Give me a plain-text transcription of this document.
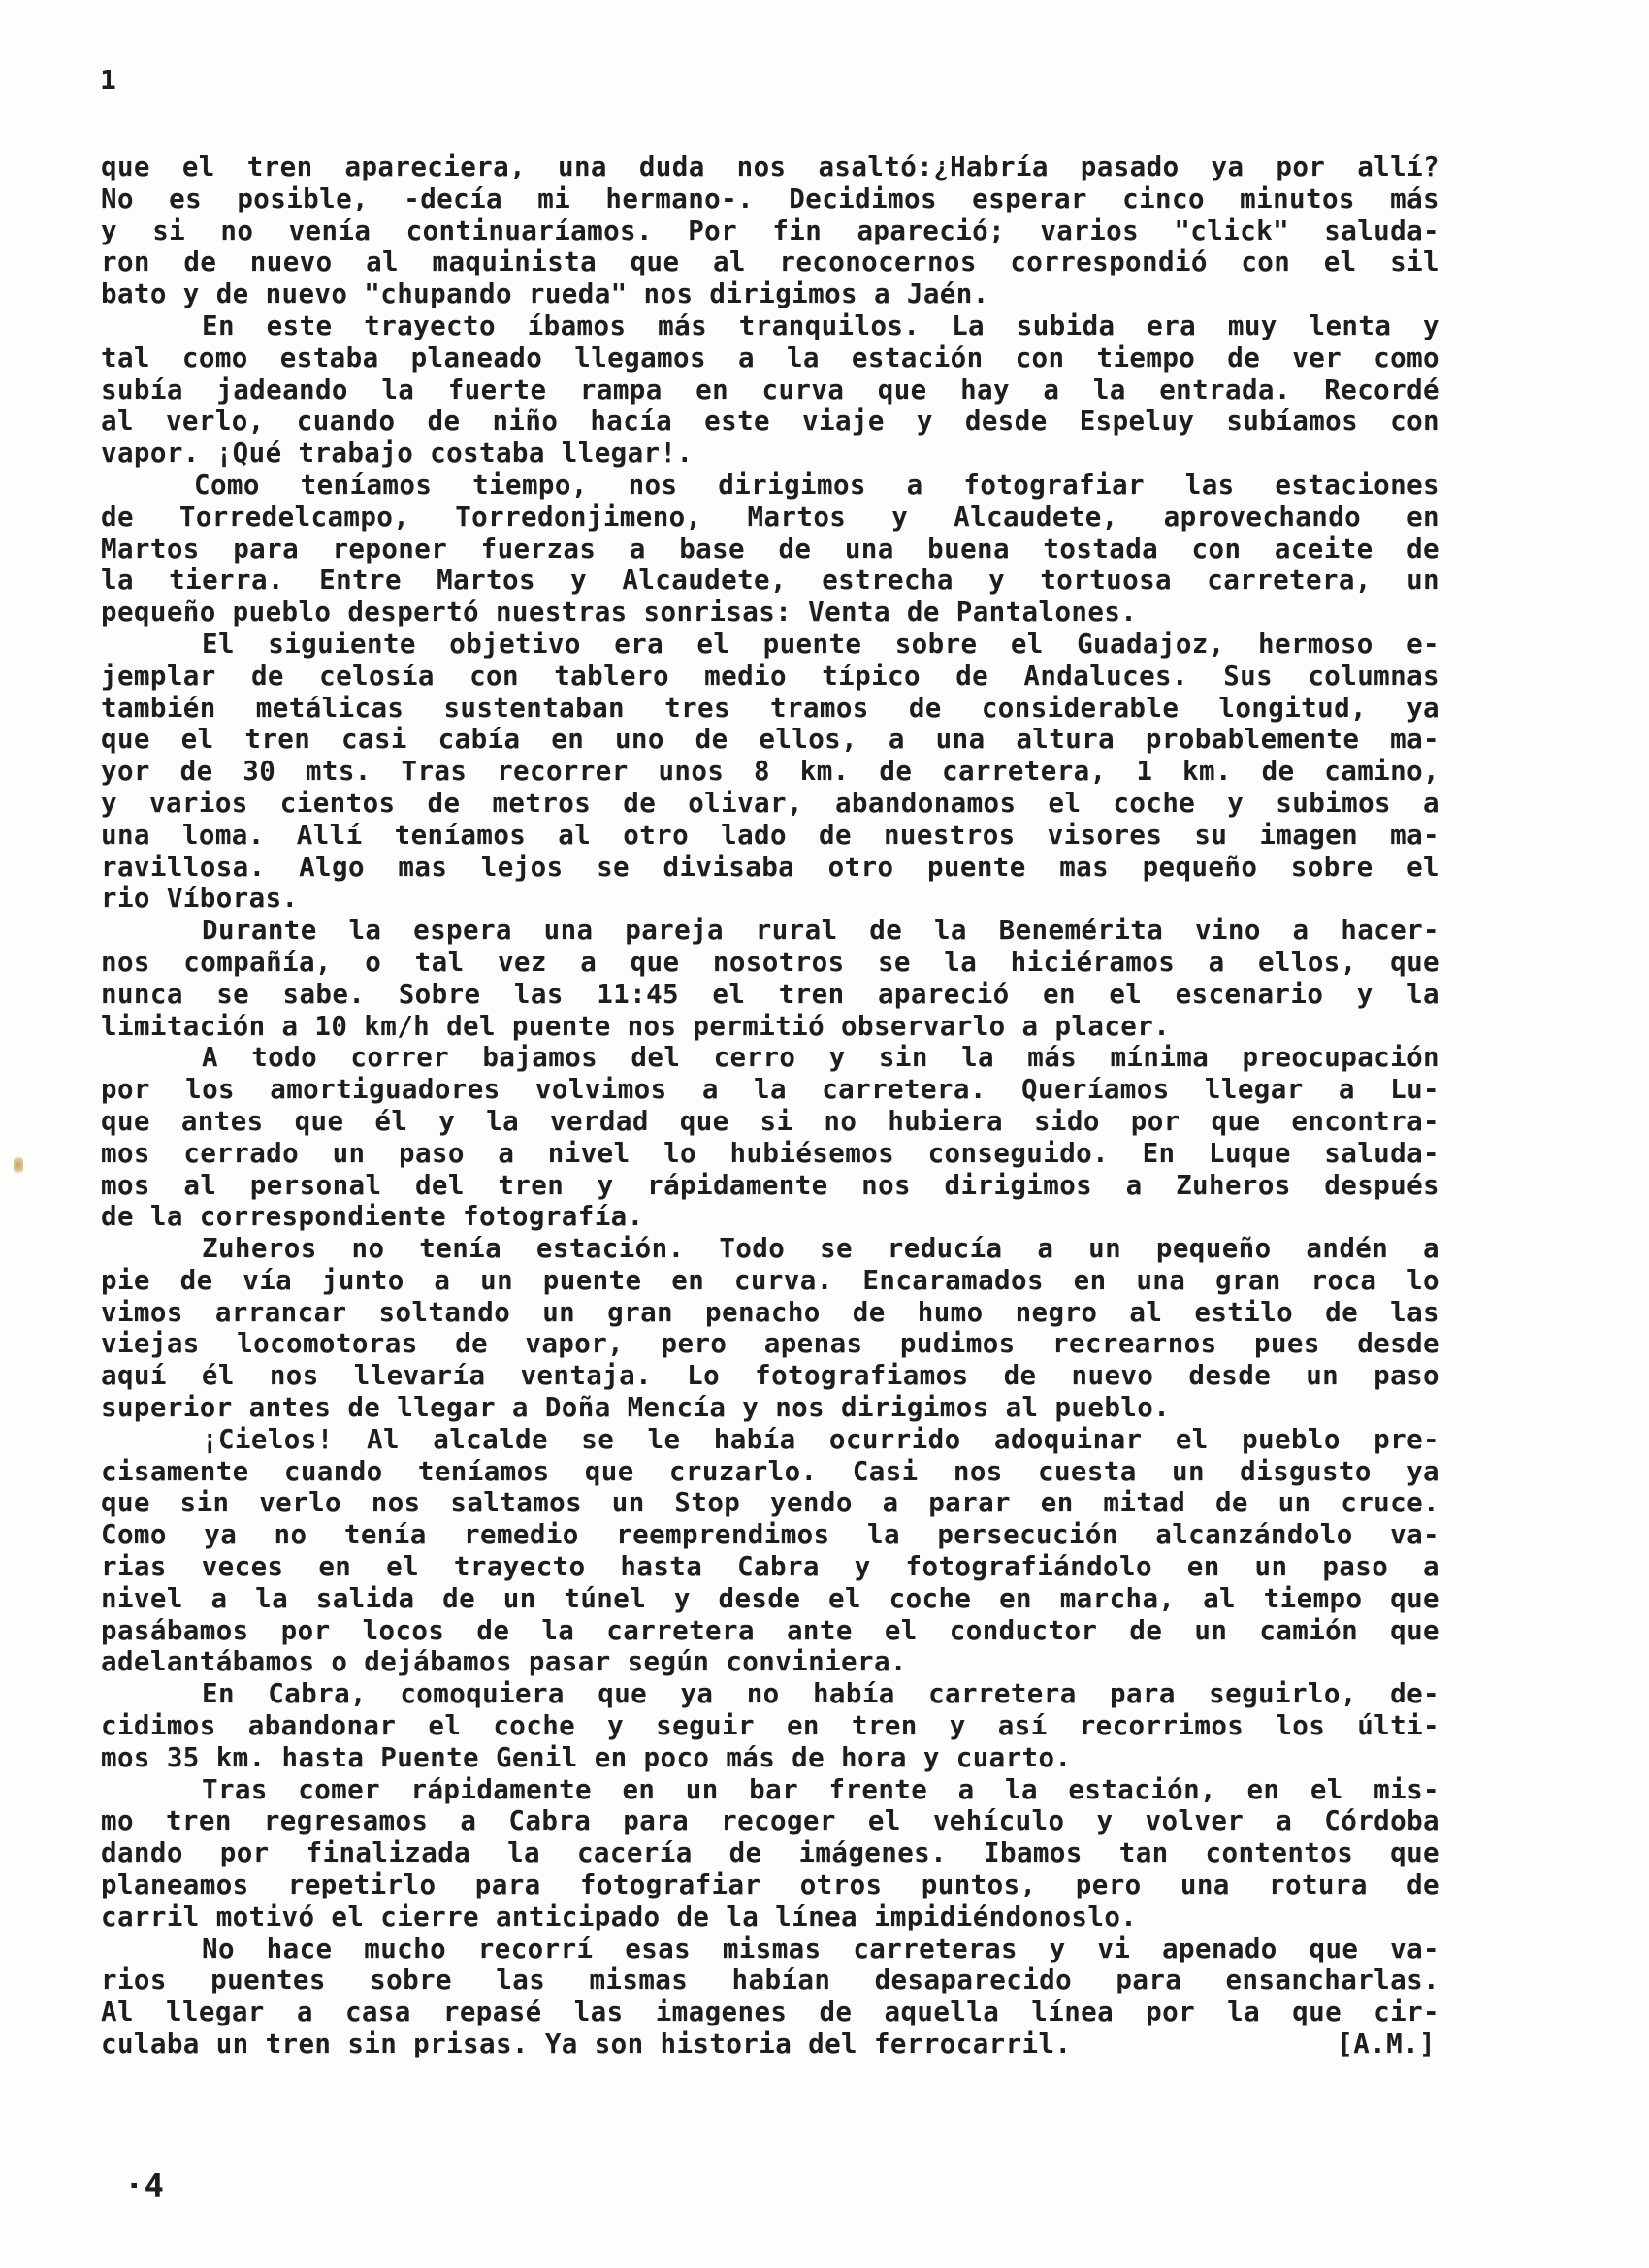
1

que el tren apareciera, una duda nos asaltó:¿Habría pasado ya por allí?
No es posible, -decía mi hermano-. Decidimos esperar cinco minutos más
y si no venía continuaríamos. Por fin apareció; varios "click" saluda-
ron de nuevo al maquinista que al reconocernos correspondió con el sil
bato y de nuevo "chupando rueda" nos dirigimos a Jaén.
En este trayecto íbamos más tranquilos. La subida era muy lenta y
tal como estaba planeado llegamos a la estación con tiempo de ver como
subía jadeando la fuerte rampa en curva que hay a la entrada. Recordé
al verlo, cuando de niño hacía este viaje y desde Espeluy subíamos con
vapor. ¡Qué trabajo costaba llegar!.
Como teníamos tiempo, nos dirigimos a fotografiar las estaciones
de Torredelcampo, Torredonjimeno, Martos y Alcaudete, aprovechando en
Martos para reponer fuerzas a base de una buena tostada con aceite de
la tierra. Entre Martos y Alcaudete, estrecha y tortuosa carretera, un
pequeño pueblo despertó nuestras sonrisas: Venta de Pantalones.
El siguiente objetivo era el puente sobre el Guadajoz, hermoso e-
jemplar de celosía con tablero medio típico de Andaluces. Sus columnas
también metálicas sustentaban tres tramos de considerable longitud, ya
que el tren casi cabía en uno de ellos, a una altura probablemente ma-
yor de 30 mts. Tras recorrer unos 8 km. de carretera, 1 km. de camino,
y varios cientos de metros de olivar, abandonamos el coche y subimos a
una loma. Allí teníamos al otro lado de nuestros visores su imagen ma-
ravillosa. Algo mas lejos se divisaba otro puente mas pequeño sobre el
rio Víboras.
Durante la espera una pareja rural de la Benemérita vino a hacer-
nos compañía, o tal vez a que nosotros se la hiciéramos a ellos, que
nunca se sabe. Sobre las 11:45 el tren apareció en el escenario y la
limitación a 10 km/h del puente nos permitió observarlo a placer.
A todo correr bajamos del cerro y sin la más mínima preocupación
por los amortiguadores volvimos a la carretera. Queríamos llegar a Lu-
que antes que él y la verdad que si no hubiera sido por que encontra-
mos cerrado un paso a nivel lo hubiésemos conseguido. En Luque saluda-
mos al personal del tren y rápidamente nos dirigimos a Zuheros después
de la correspondiente fotografía.
Zuheros no tenía estación. Todo se reducía a un pequeño andén a
pie de vía junto a un puente en curva. Encaramados en una gran roca lo
vimos arrancar soltando un gran penacho de humo negro al estilo de las
viejas locomotoras de vapor, pero apenas pudimos recrearnos pues desde
aquí él nos llevaría ventaja. Lo fotografiamos de nuevo desde un paso
superior antes de llegar a Doña Mencía y nos dirigimos al pueblo.
¡Cielos! Al alcalde se le había ocurrido adoquinar el pueblo pre-
cisamente cuando teníamos que cruzarlo. Casi nos cuesta un disgusto ya
que sin verlo nos saltamos un Stop yendo a parar en mitad de un cruce.
Como ya no tenía remedio reemprendimos la persecución alcanzándolo va-
rias veces en el trayecto hasta Cabra y fotografiándolo en un paso a
nivel a la salida de un túnel y desde el coche en marcha, al tiempo que
pasábamos por locos de la carretera ante el conductor de un camión que
adelantábamos o dejábamos pasar según conviniera.
En Cabra, comoquiera que ya no había carretera para seguirlo, de-
cidimos abandonar el coche y seguir en tren y así recorrimos los últi-
mos 35 km. hasta Puente Genil en poco más de hora y cuarto.
Tras comer rápidamente en un bar frente a la estación, en el mis-
mo tren regresamos a Cabra para recoger el vehículo y volver a Córdoba
dando por finalizada la cacería de imágenes. Ibamos tan contentos que
planeamos repetirlo para fotografiar otros puntos, pero una rotura de
carril motivó el cierre anticipado de la línea impidiéndonoslo.
No hace mucho recorrí esas mismas carreteras y vi apenado que va-
rios puentes sobre las mismas habían desaparecido para ensancharlas.
Al llegar a casa repasé las imagenes de aquella línea por la que cir-
culaba un tren sin prisas. Ya son historia del ferrocarril.	[A.M.]

·4
